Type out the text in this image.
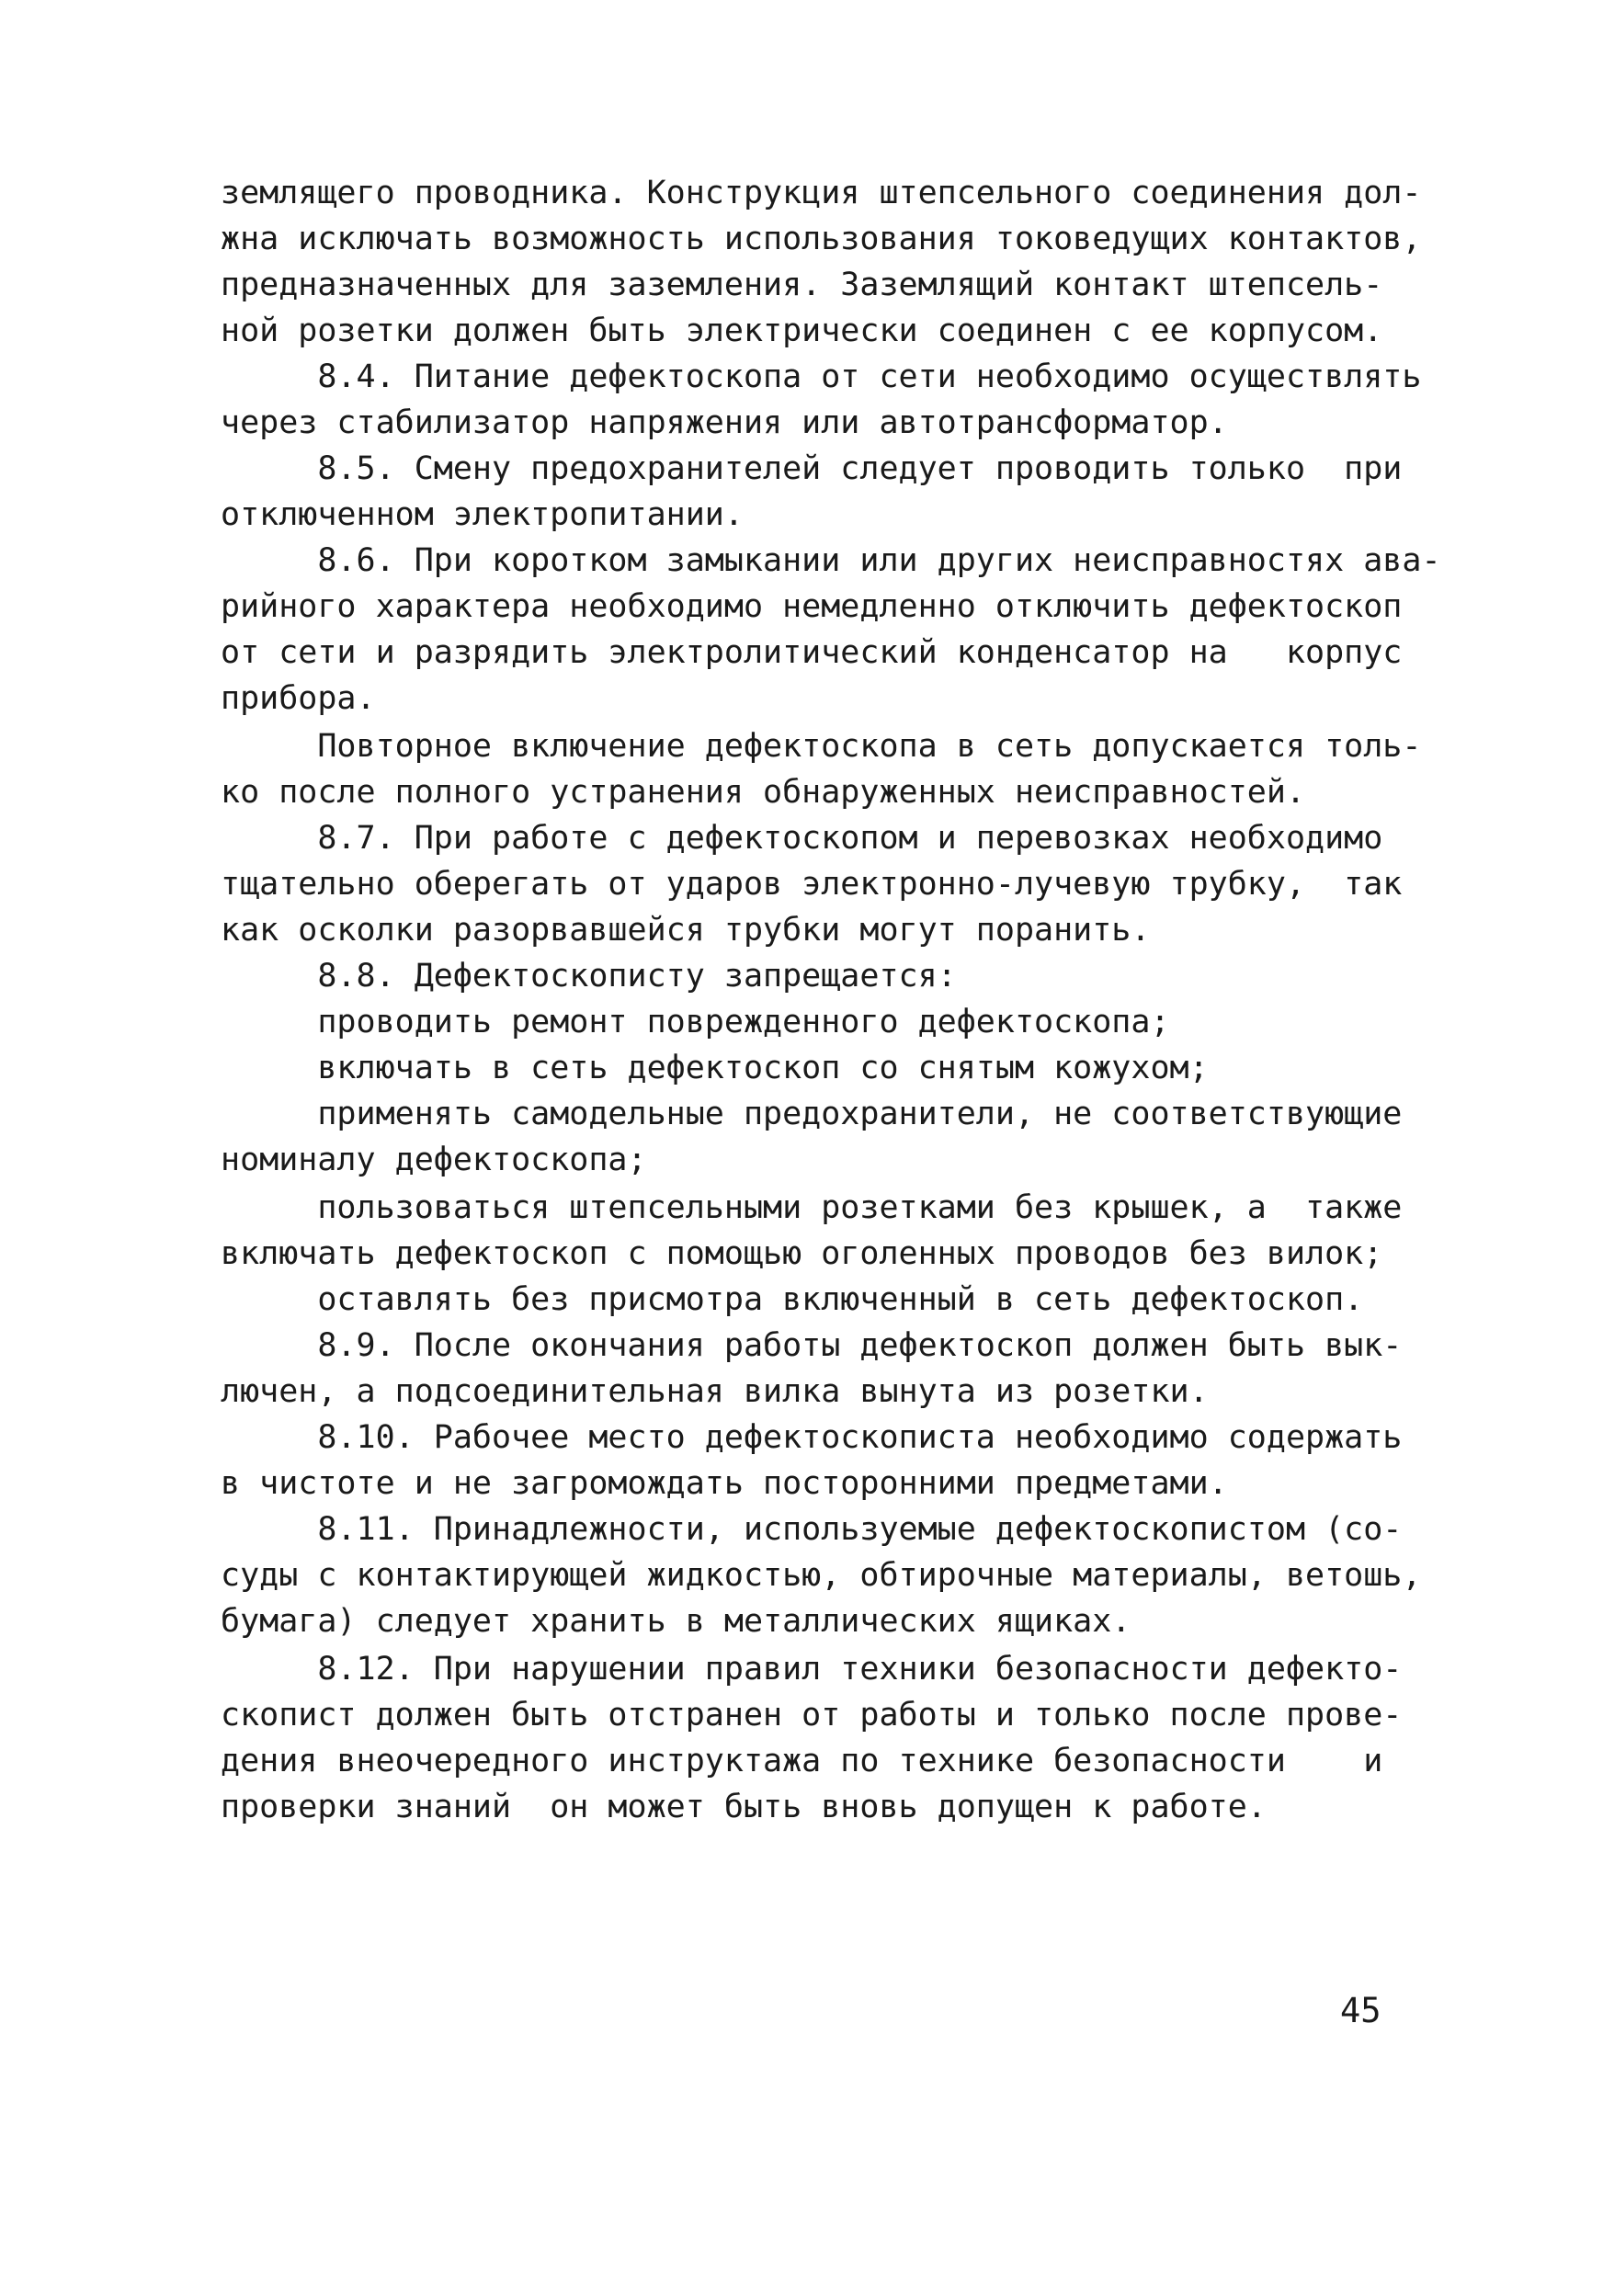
землящего проводника. Конструкция штепсельного соединения дол-
жна исключать возможность использования токоведущих контактов,
предназначенных для заземления. Заземлящий контакт штепсель-
ной розетки должен быть электрически соединен с ее корпусом.
8.4. Питание дефектоскопа от сети необходимо осуществлять
через стабилизатор напряжения или автотрансформатор.
8.5. Смену предохранителей следует проводить только  при
отключенном электропитании.
8.6. При коротком замыкании или других неисправностях ава-
рийного характера необходимо немедленно отключить дефектоскоп
от сети и разрядить электролитический конденсатор на   корпус
прибора.
Повторное включение дефектоскопа в сеть допускается толь-
ко после полного устранения обнаруженных неисправностей.
8.7. При работе с дефектоскопом и перевозках необходимо
тщательно оберегать от ударов электронно-лучевую трубку,  так
как осколки разорвавшейся трубки могут поранить.
8.8. Дефектоскописту запрещается:
проводить ремонт поврежденного дефектоскопа;
включать в сеть дефектоскоп со снятым кожухом;
применять самодельные предохранители, не соответствующие
номиналу дефектоскопа;
пользоваться штепсельными розетками без крышек, а  также
включать дефектоскоп с помощью оголенных проводов без вилок;
оставлять без присмотра включенный в сеть дефектоскоп.
8.9. После окончания работы дефектоскоп должен быть вык-
лючен, а подсоединительная вилка вынута из розетки.
8.10. Рабочее место дефектоскописта необходимо содержать
в чистоте и не загромождать посторонними предметами.
8.11. Принадлежности, используемые дефектоскопистом (со-
суды с контактирующей жидкостью, обтирочные материалы, ветошь,
бумага) следует хранить в металлических ящиках.
8.12. При нарушении правил техники безопасности дефекто-
скопист должен быть отстранен от работы и только после прове-
дения внеочередного инструктажа по технике безопасности    и
проверки знаний  он может быть вновь допущен к работе.
45
